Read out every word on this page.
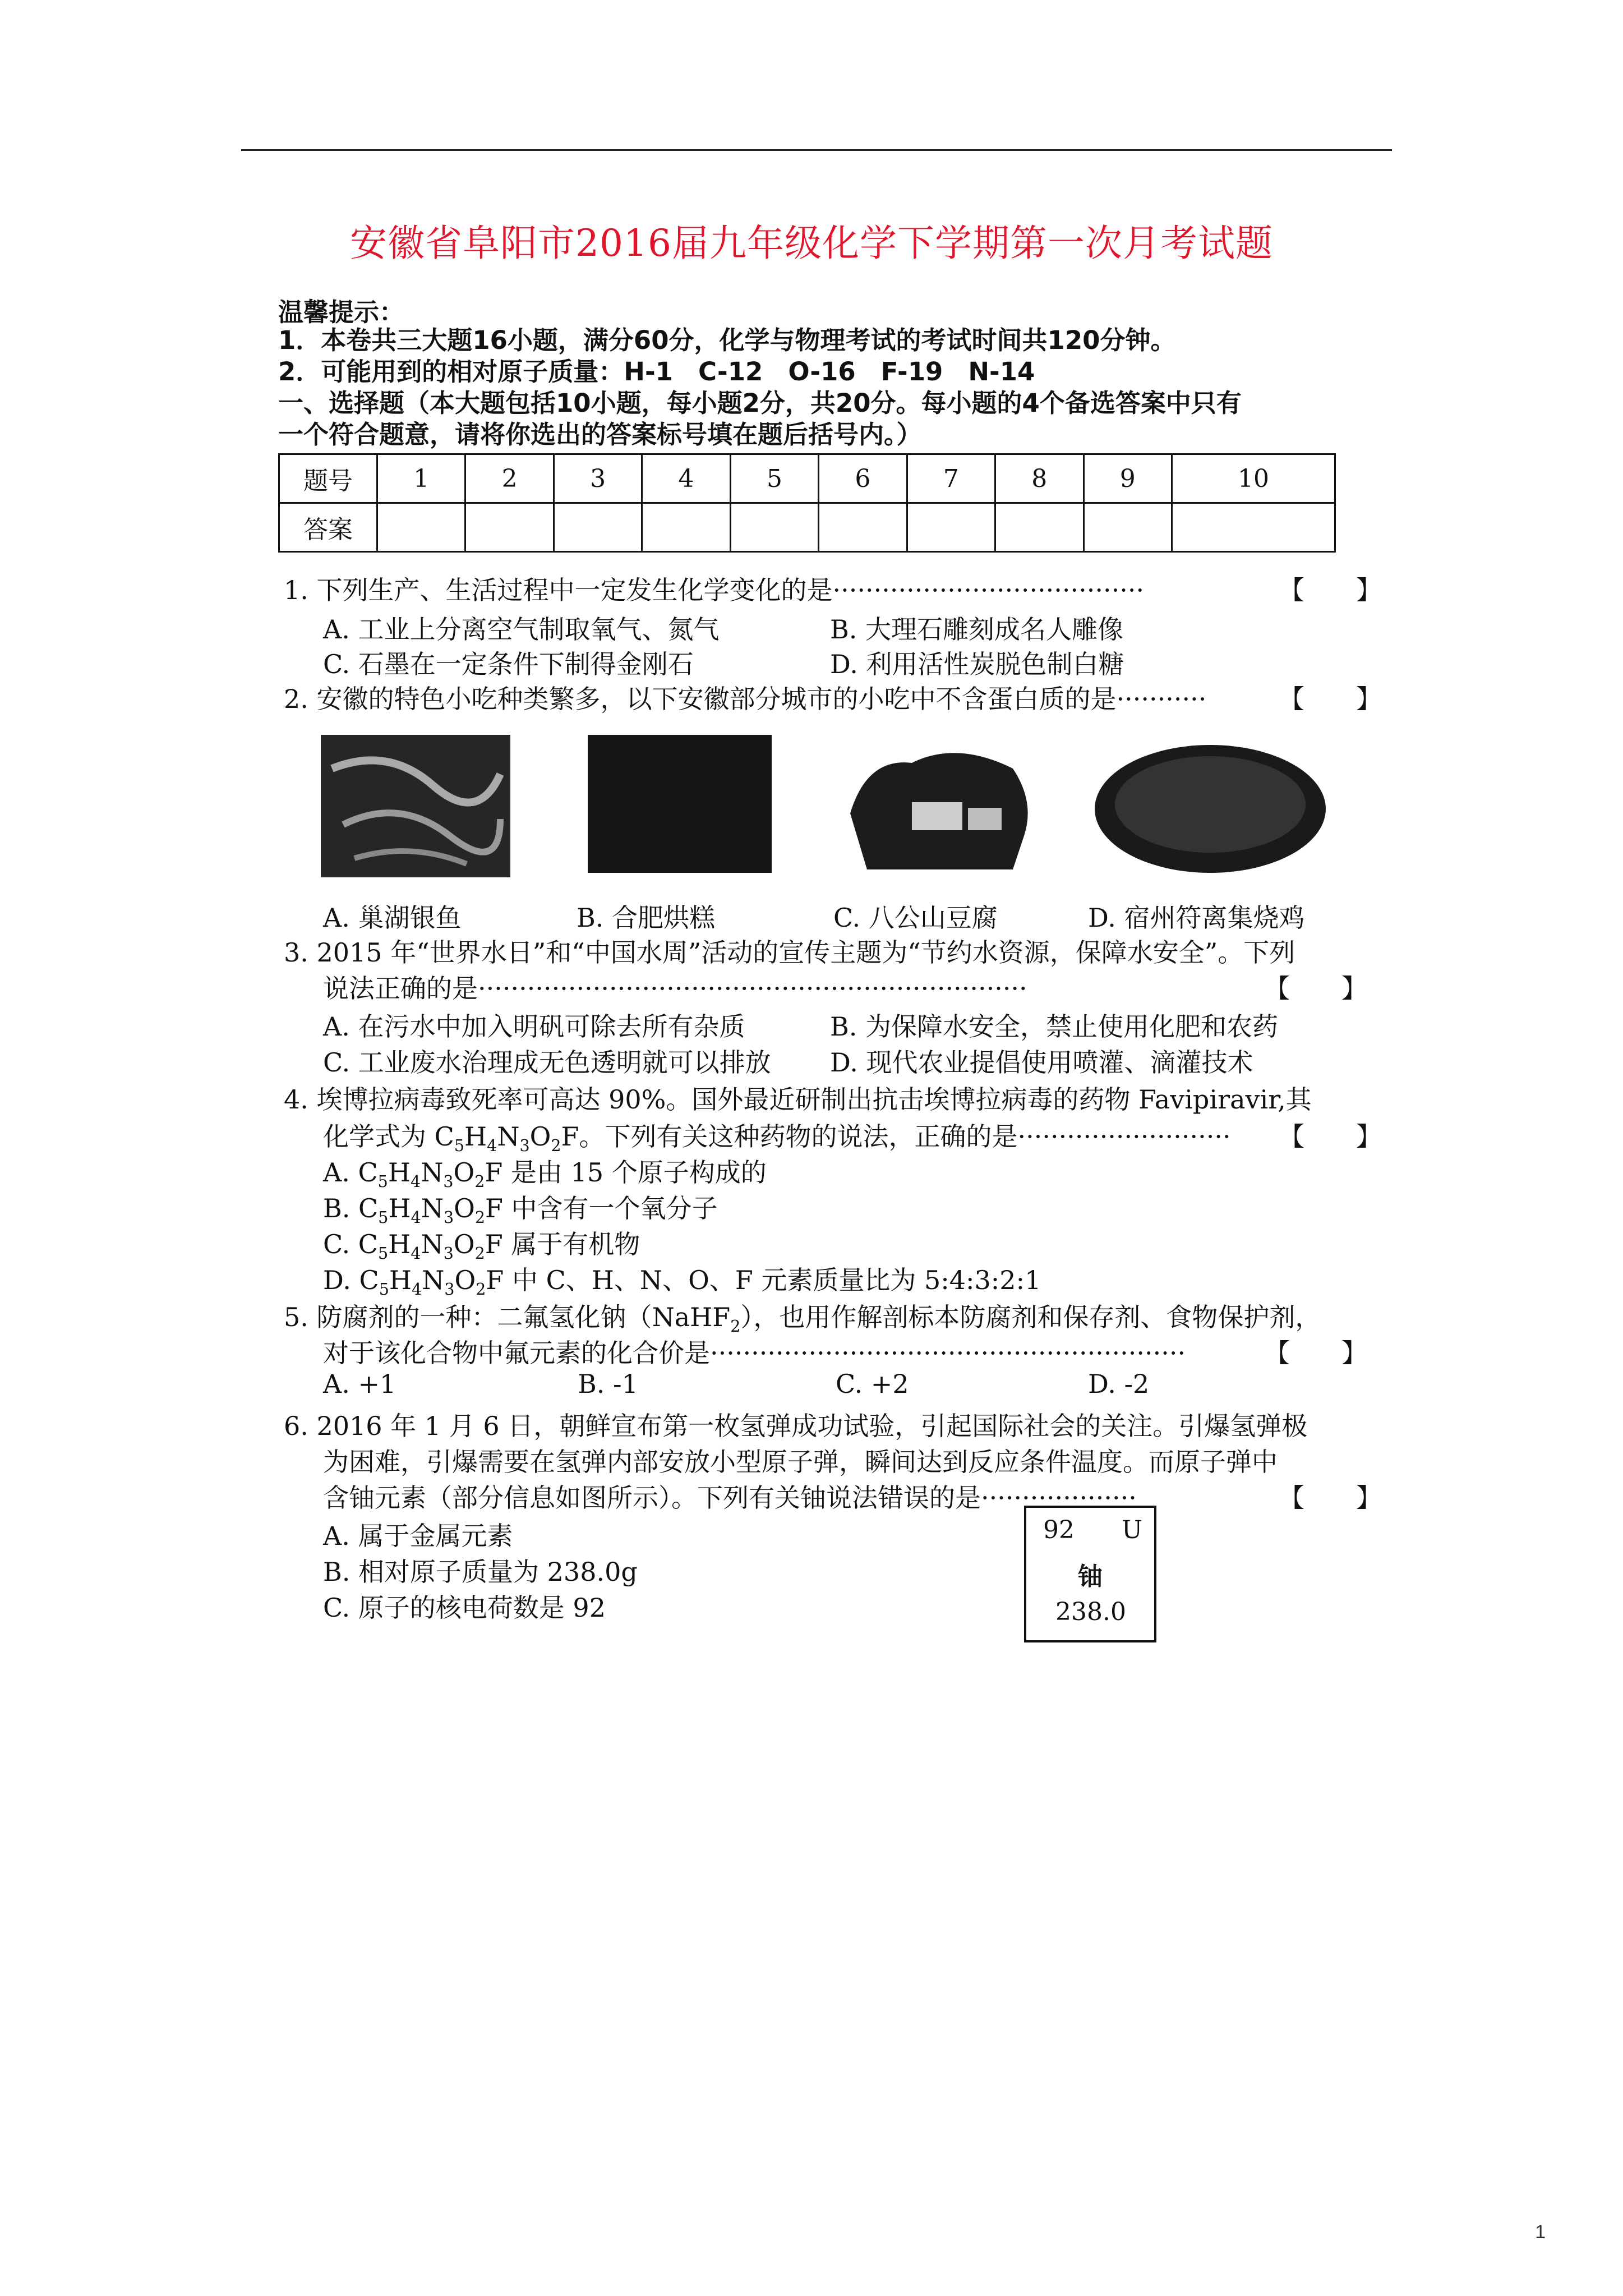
安徽省阜阳市2016届九年级化学下学期第一次月考试题
温馨提示：
1．本卷共三大题16小题，满分60分，化学与物理考试的考试时间共120分钟。
2．可能用到的相对原子质量：H-1　C-12　O-16　F-19　N-14
一、选择题（本大题包括10小题，每小题2分，共20分。每小题的4个备选答案中只有
一个符合题意，请将你选出的答案标号填在题后括号内。）
题号	1	2	3	4	5	6	7	8	9	10
答案										
1. 下列生产、生活过程中一定发生化学变化的是······································	【　　】
A. 工业上分离空气制取氧气、氮气	B. 大理石雕刻成名人雕像
C. 石墨在一定条件下制得金刚石	D. 利用活性炭脱色制白糖
2. 安徽的特色小吃种类繁多，以下安徽部分城市的小吃中不含蛋白质的是···········	【　　】
A. 巢湖银鱼	B. 合肥烘糕	C. 八公山豆腐	D. 宿州符离集烧鸡
3. 2015 年“世界水日”和“中国水周”活动的宣传主题为“节约水资源，保障水安全”。下列
说法正确的是···································································	【　　】
A. 在污水中加入明矾可除去所有杂质	B. 为保障水安全，禁止使用化肥和农药
C. 工业废水治理成无色透明就可以排放 D. 现代农业提倡使用喷灌、滴灌技术
4. 埃博拉病毒致死率可高达 90%。国外最近研制出抗击埃博拉病毒的药物 Favipiravir,其
化学式为 $C_5H_4N_3O_2F$。下列有关这种药物的说法，正确的是·························· 【　　】
A. $C_5H_4N_3O_2F$ 是由 15 个原子构成的
B. $C_5H_4N_3O_2F$ 中含有一个氧分子
C. $C_5H_4N_3O_2F$ 属于有机物
D. $C_5H_4N_3O_2F$ 中 C、H、N、O、F 元素质量比为 5:4:3:2:1
5. 防腐剂的一种：二氟氢化钠（NaHF$_2$），也用作解剖标本防腐剂和保存剂、食物保护剂，
对于该化合物中氟元素的化合价是··························································	【　　】
A. +1	B. -1	C. +2	D. -2
6. 2016 年 1 月 6 日，朝鲜宣布第一枚氢弹成功试验，引起国际社会的关注。引爆氢弹极
为困难，引爆需要在氢弹内部安放小型原子弹，瞬间达到反应条件温度。而原子弹中
含铀元素（部分信息如图所示）。下列有关铀说法错误的是···················	【　　】
A. 属于金属元素
B. 相对原子质量为 238.0g
C. 原子的核电荷数是 92
92 U
铀
238.0
1
